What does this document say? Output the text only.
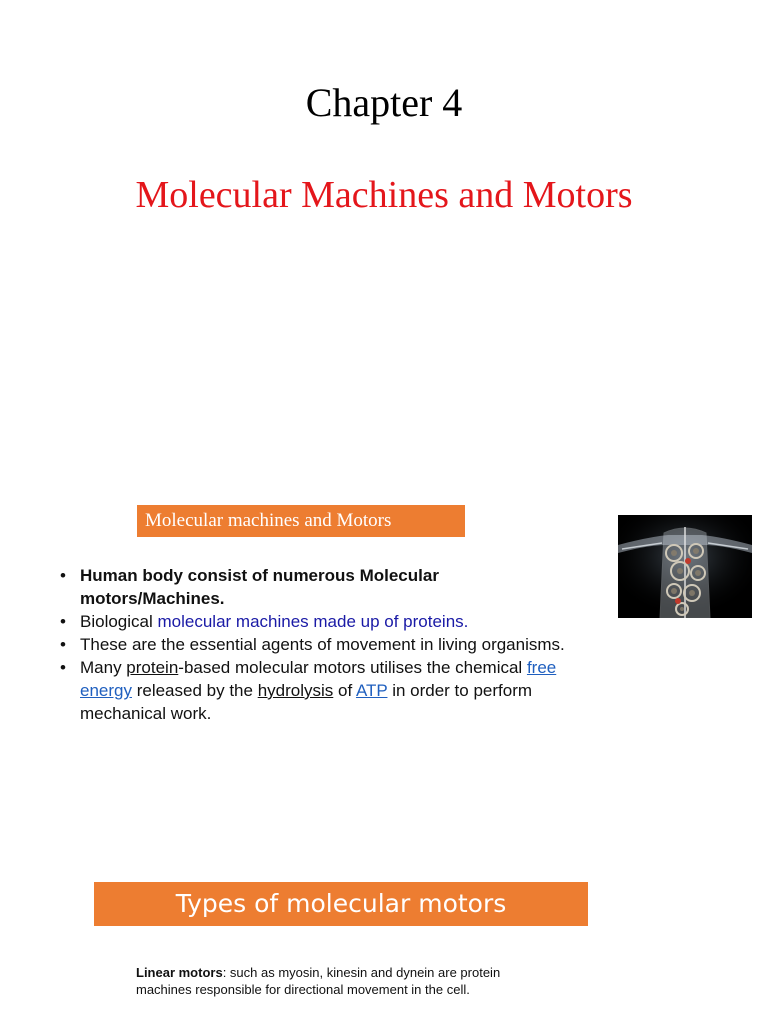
Chapter 4
Molecular Machines and Motors
Molecular machines and Motors
• Human body consist of numerous Molecular motors/Machines.
• Biological molecular machines made up of proteins.
• These are the essential agents of movement in living organisms.
• Many protein-based molecular motors utilises the chemical free energy released by the hydrolysis of ATP in order to perform mechanical work.
Types of molecular motors
Linear motors: such as myosin, kinesin and dynein are protein machines responsible for directional movement in the cell.
